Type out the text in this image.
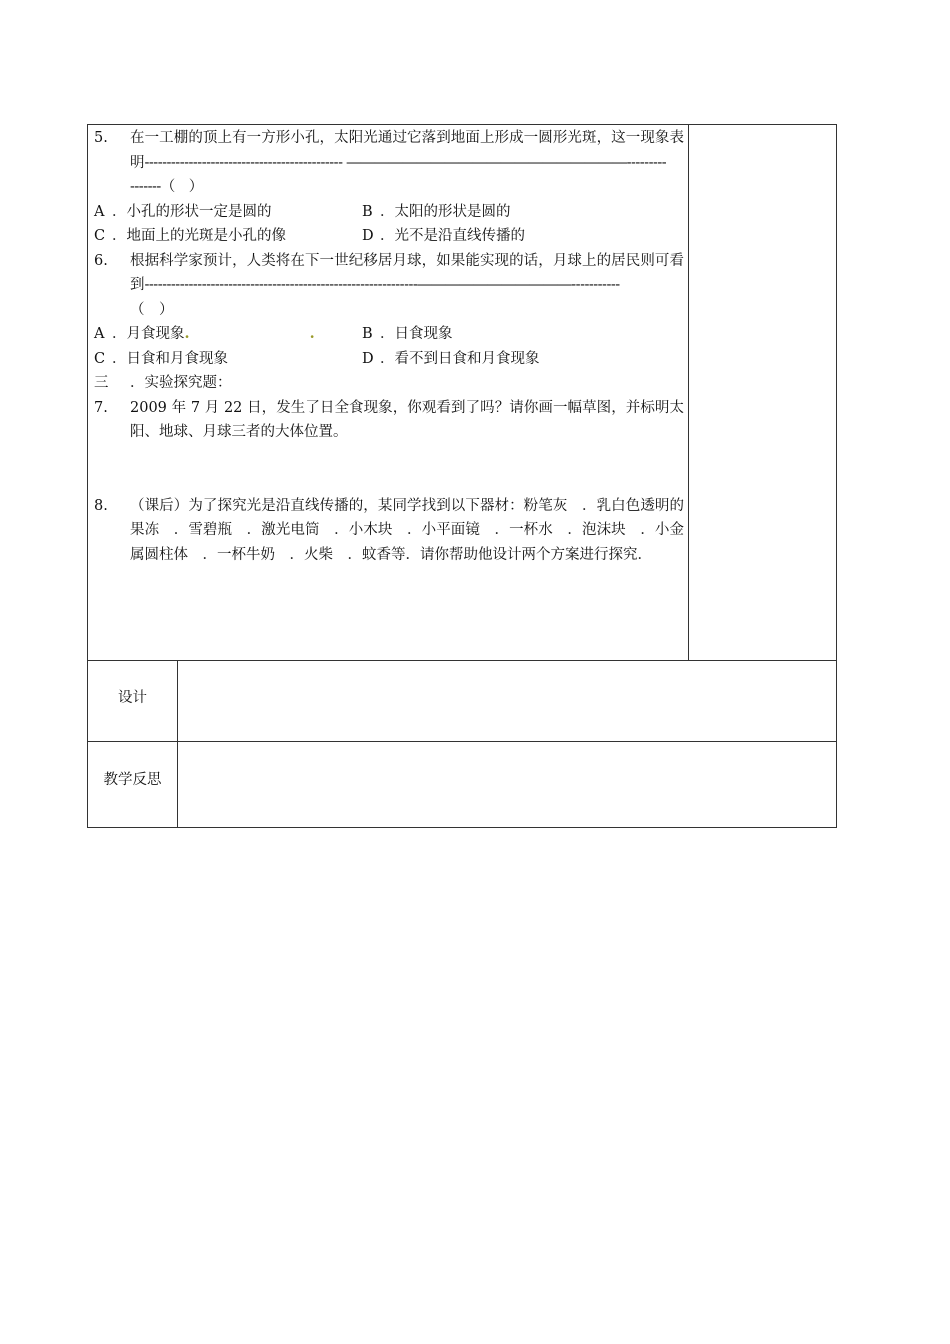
5.	在一工棚的顶上有一方形小孔，太阳光通过它落到地面上形成一圆形光斑，这一现象表明--------------------------------------------- ――――――――――――――――――――---------
-------（　）
A ．小孔的形状一定是圆的	B ．太阳的形状是圆的
C ．地面上的光斑是小孔的像	D ．光不是沿直线传播的
6.	根据科学家预计，人类将在下一世纪移居月球，如果能实现的话，月球上的居民则可看到--------------------------------------------------------------―――――――――――-----------
（　）
A ．月食现象 .	.	B ．日食现象
C ．日食和月食现象	D ．看不到日食和月食现象
三	．实验探究题：
7.	2009 年 7 月 22 日，发生了日全食现象，你观看到了吗？请你画一幅草图，并标明太阳、地球、月球三者的大体位置。
8.	（课后）为了探究光是沿直线传播的，某同学找到以下器材：粉笔灰　．乳白色透明的果冻　．雪碧瓶　．激光电筒　．小木块　．小平面镜　．一杯水　．泡沫块　．小金属圆柱体　．一杯牛奶　．火柴　．蚊香等．请你帮助他设计两个方案进行探究．
设计
教学反思
